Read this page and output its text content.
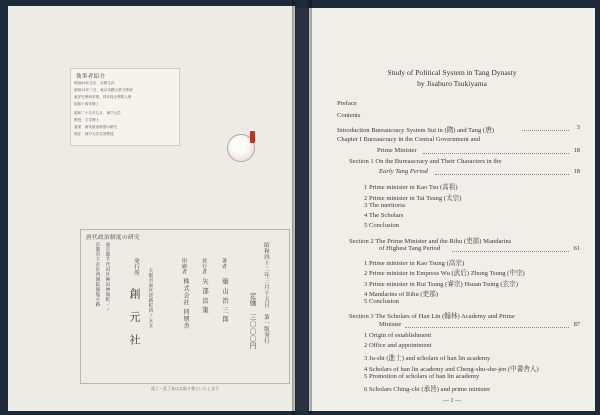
執筆者紹介
明治44年生れ　京都生れ
昭和11年三月，東京帝國大學文學部
東洋史學科卒業，同年同大學院入學
昭和十四年修了
昭和二十九年九月，神戸大学
教授，文学博士
著書　唐代政治制度の研究
現在　神戸大学名誉教授

唐代政治制度の研究
昭和四十二年三月十五日　第一版発行
定価　三〇〇〇円
著者
築山治三郎
発行者
矢部良策
印刷者
株式会社 同朋舎
発行所
創元社 大阪市東区淡路町四ノ五五
東京都千代田区神田神保町一ノ
京都市下京区西洞院通塩小路
落丁・乱丁本はお取り替えいたします
Study of Political System in Tang Dynasty
by Jisaburo Tsukiyama
Preface
Contents
Introduction Bureaucracy System Sui in (隋) and Tang (唐)	3
Chapter I Bureaucracy in the Central Government and
Prime Minister	18
Section 1 On the Bureaucracy and Their Characters in the
Early Tang Period	18
1 Prime minister in Kao Tsu (高祖)
2 Prime minister in Tai Tsung (太宗)
3 The meritoria
4 The Scholars
5 Conclusion
Section 2 The Prime Minister and the Rihu (吏部) Mandarins
of Highest Tang Period	61
1 Prime minister in Kao Tsung (高宗)
2 Prime minister in Empress Wu (武后) Zhong Tsung (中宗)
3 Prime minister in Rui Tsung (睿宗) Hsuan Tsung (玄宗)
4 Mandarins of Rihu (吏部)
5 Conclusion
Section 3 The Scholars of Han Lin (翰林) Academy and Prime
Minister	87
1 Origin of establishment
2 Office and appointment
3 Ju-shi (進士) and scholars of han lin academy
4 Scholars of han lin academy and Cheng-shu-she-jen (中書舎人)
5 Promotion of scholars of han lin academy
6 Scholars Ching-chi (承旨) and prime minister
— 1 —
